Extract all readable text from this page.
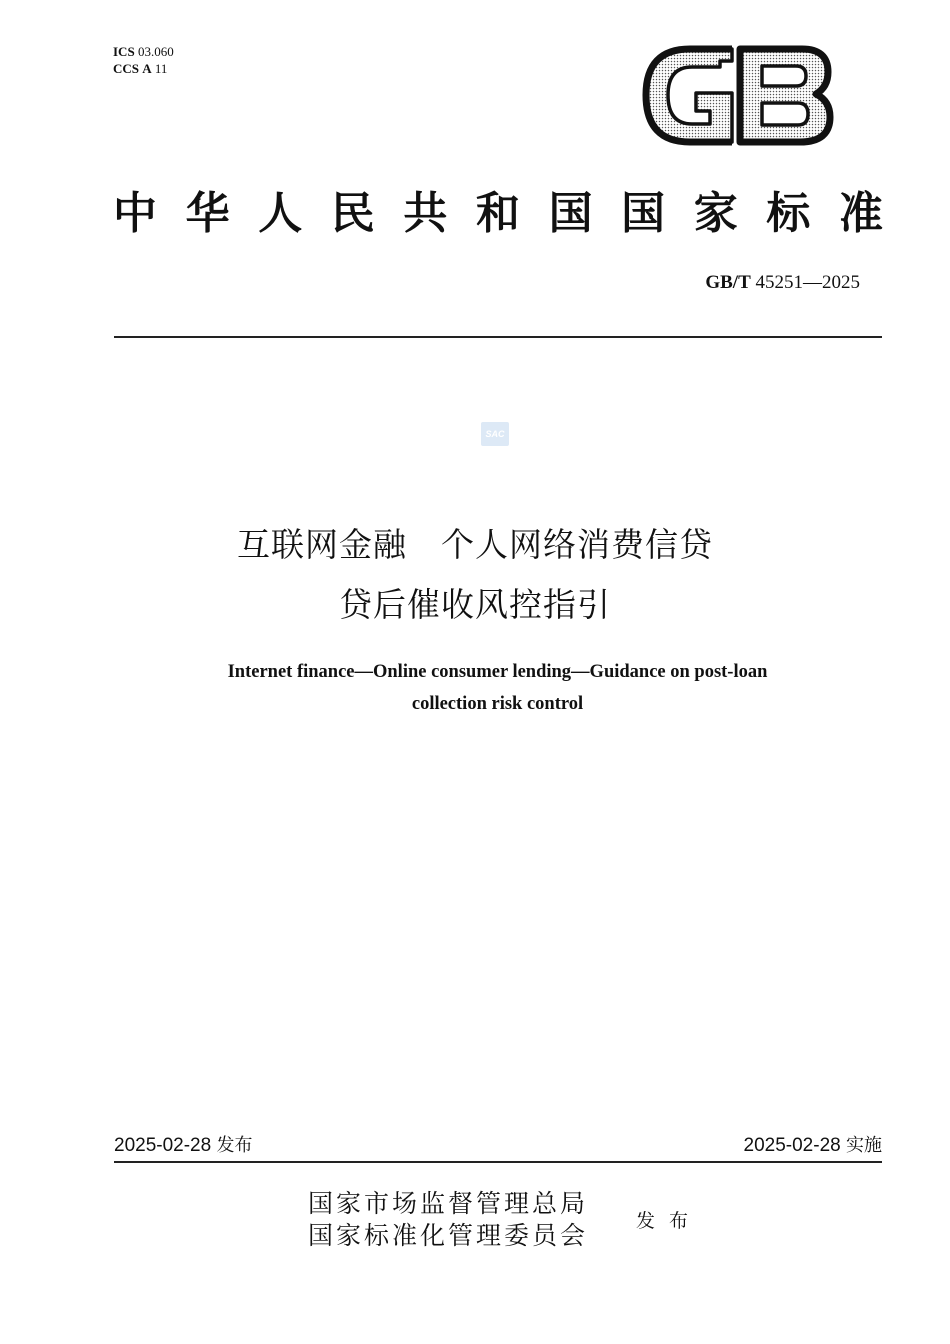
ICS 03.060
CCS A 11
中 华 人 民 共 和 国 国 家 标 准
GB/T 45251—2025
SAC
互联网金融　个人网络消费信贷
贷后催收风控指引
Internet finance—Online consumer lending—Guidance on post-loan
collection risk control
2025-02-28 发布	2025-02-28 实施
国家市场监督管理总局
国家标准化管理委员会	发布
